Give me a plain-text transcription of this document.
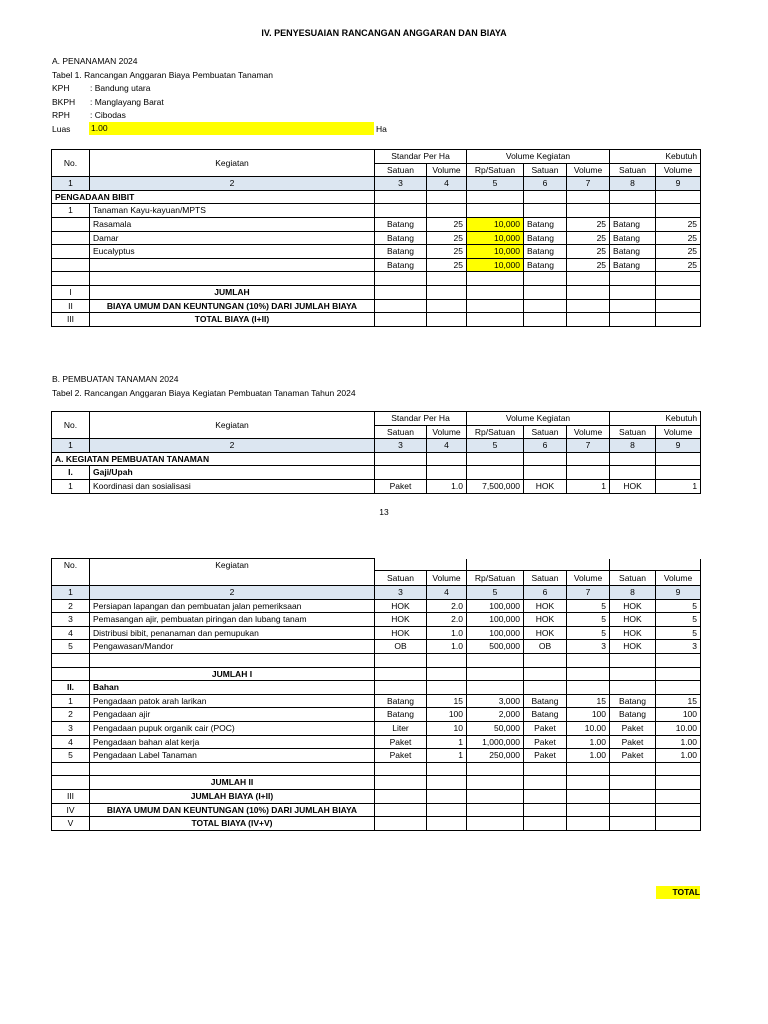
IV. PENYESUAIAN RANCANGAN ANGGARAN DAN BIAYA
A. PENANAMAN 2024
Tabel 1. Rancangan Anggaran Biaya Pembuatan Tanaman
KPH : Bandung utara
BKPH : Manglayang Barat
RPH : Cibodas
Luas 1.00	Ha
No.	Kegiatan	Standar Per Ha		Volume Kegiatan			Kebutuh	
		Satuan	Volume	Rp/Satuan	Satuan	Volume	Satuan	Volume
1	2	3	4	5	6	7	8	9
PENGADAAN BIBIT								
1	Tanaman Kayu-kayuan/MPTS							
	Rasamala	Batang	25	10,000	Batang	25	Batang	25
	Damar	Batang	25	10,000	Batang	25	Batang	25
	Eucalyptus	Batang	25	10,000	Batang	25	Batang	25
		Batang	25	10,000	Batang	25	Batang	25

I	JUMLAH							
II	BIAYA UMUM DAN KEUNTUNGAN (10%) DARI JUMLAH BIAYA							
III	TOTAL BIAYA (I+II)							
B. PEMBUATAN TANAMAN 2024
Tabel 2. Rancangan Anggaran Biaya Kegiatan Pembuatan Tanaman Tahun 2024
No.	Kegiatan	Standar Per Ha		Volume Kegiatan			Kebutuh	
		Satuan	Volume	Rp/Satuan	Satuan	Volume	Satuan	Volume
1	2	3	4	5	6	7	8	9
A. KEGIATAN PEMBUATAN TANAMAN								
I.	Gaji/Upah							
1	Koordinasi dan sosialisasi	Paket	1.0	7,500,000	HOK	1	HOK	1
13
No.	Kegiatan							
		Satuan	Volume	Rp/Satuan	Satuan	Volume	Satuan	Volume
1	2	3	4	5	6	7	8	9
2	Persiapan lapangan dan pembuatan jalan pemeriksaan	HOK	2.0	100,000	HOK	5	HOK	5
3	Pemasangan ajir, pembuatan piringan dan lubang tanam	HOK	2.0	100,000	HOK	5	HOK	5
4	Distribusi bibit, penanaman dan pemupukan	HOK	1.0	100,000	HOK	5	HOK	5
5	Pengawasan/Mandor	OB	1.0	500,000	OB	3	HOK	3

	JUMLAH I							
II.	Bahan							
1	Pengadaan patok arah larikan	Batang	15	3,000	Batang	15	Batang	15
2	Pengadaan ajir	Batang	100	2,000	Batang	100	Batang	100
3	Pengadaan pupuk organik cair (POC)	Liter	10	50,000	Paket	10.00	Paket	10.00
4	Pengadaan bahan alat kerja	Paket	1	1,000,000	Paket	1.00	Paket	1.00
5	Pengadaan Label Tanaman	Paket	1	250,000	Paket	1.00	Paket	1.00

	JUMLAH II							
III	JUMLAH BIAYA (I+II)							
IV	BIAYA UMUM DAN KEUNTUNGAN (10%) DARI JUMLAH BIAYA							
V	TOTAL BIAYA (IV+V)							
TOTAL
